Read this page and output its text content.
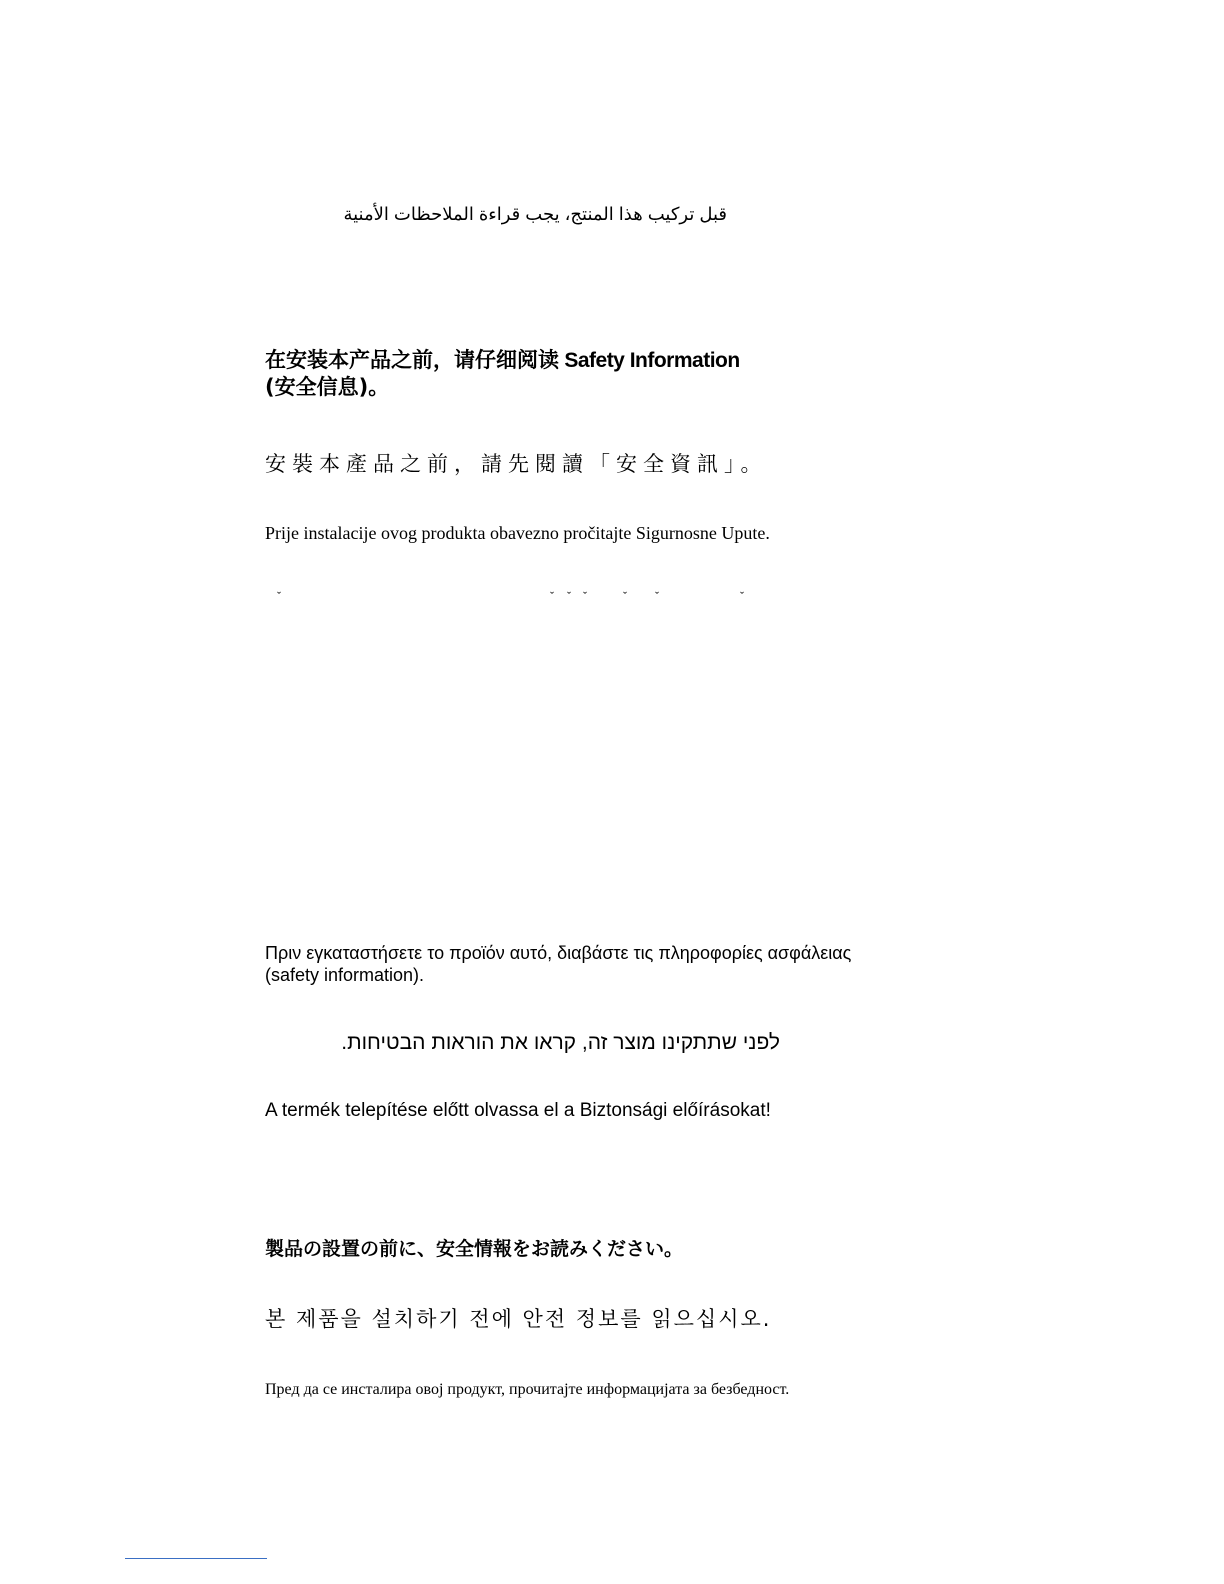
قبل تركيب هذا المنتج، يجب قراءة الملاحظات الأمنية

在安装本产品之前，请仔细阅读 Safety Information
(安全信息)。

安裝本產品之前，請先閱讀「安全資訊」。

Prije instalacije ovog produkta obavezno pročitajte Sigurnosne Upute.

ˇ	ˇ ˇ ˇ	ˇ ˇ	ˇ

Πριν εγκαταστήσετε το προϊόν αυτό, διαβάστε τις πληροφορίες ασφάλειας
(safety information).

לפני שתתקינו מוצר זה, קראו את הוראות הבטיחות.

A termék telepítése előtt olvassa el a Biztonsági előírásokat!

製品の設置の前に、安全情報をお読みください。

본 제품을 설치하기 전에 안전 정보를 읽으십시오.

Пред да се инсталира овој продукт, прочитајте информацијата за безбедност.
